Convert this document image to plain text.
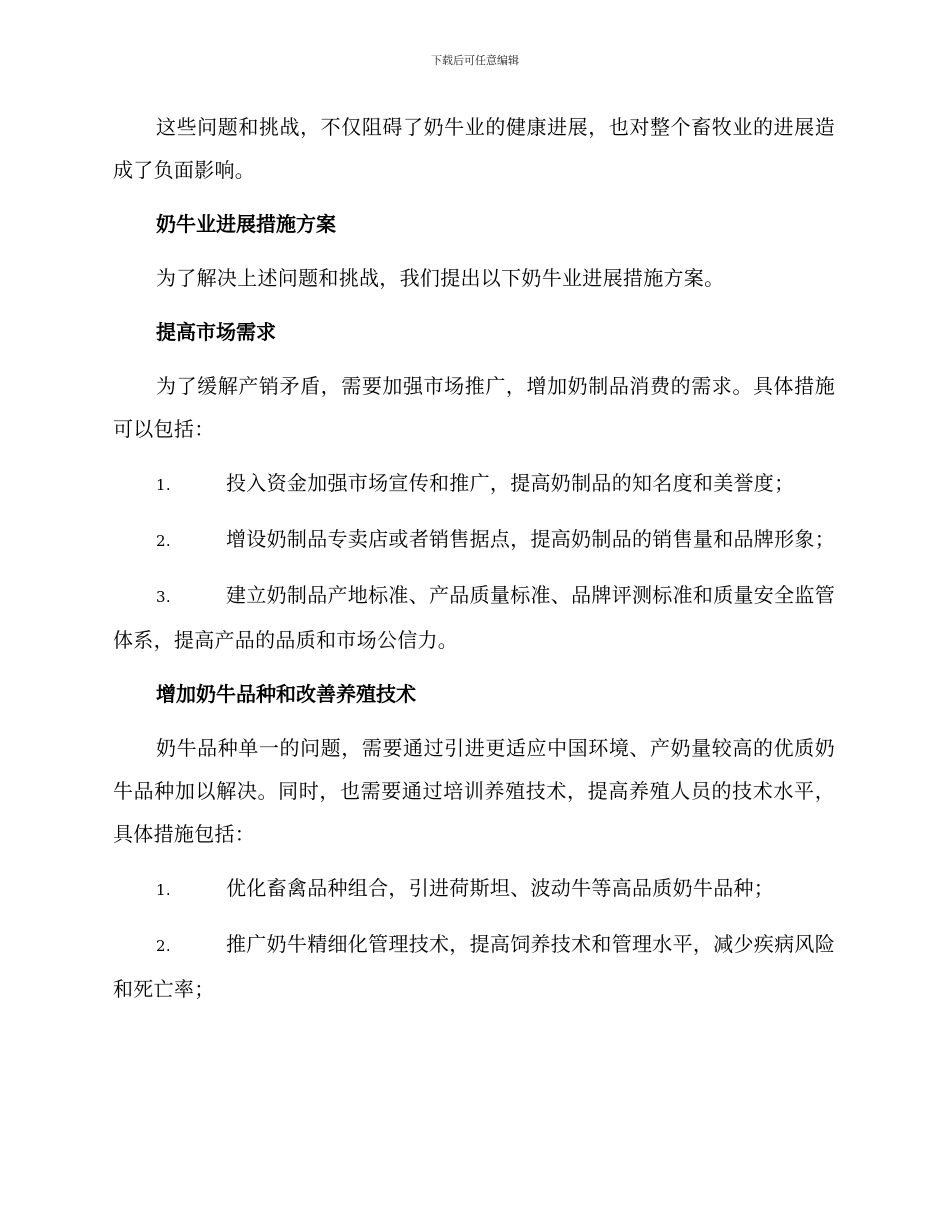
下载后可任意编辑

这些问题和挑战，不仅阻碍了奶牛业的健康进展，也对整个畜牧业的进展造成了负面影响。

奶牛业进展措施方案

为了解决上述问题和挑战，我们提出以下奶牛业进展措施方案。

提高市场需求

为了缓解产销矛盾，需要加强市场推广，增加奶制品消费的需求。具体措施可以包括：

1.	投入资金加强市场宣传和推广，提高奶制品的知名度和美誉度；

2.	增设奶制品专卖店或者销售据点，提高奶制品的销售量和品牌形象；

3.	建立奶制品产地标准、产品质量标准、品牌评测标准和质量安全监管体系，提高产品的品质和市场公信力。

增加奶牛品种和改善养殖技术

奶牛品种单一的问题，需要通过引进更适应中国环境、产奶量较高的优质奶牛品种加以解决。同时，也需要通过培训养殖技术，提高养殖人员的技术水平，具体措施包括：

1.	优化畜禽品种组合，引进荷斯坦、波动牛等高品质奶牛品种；

2.	推广奶牛精细化管理技术，提高饲养技术和管理水平，减少疾病风险和死亡率；
